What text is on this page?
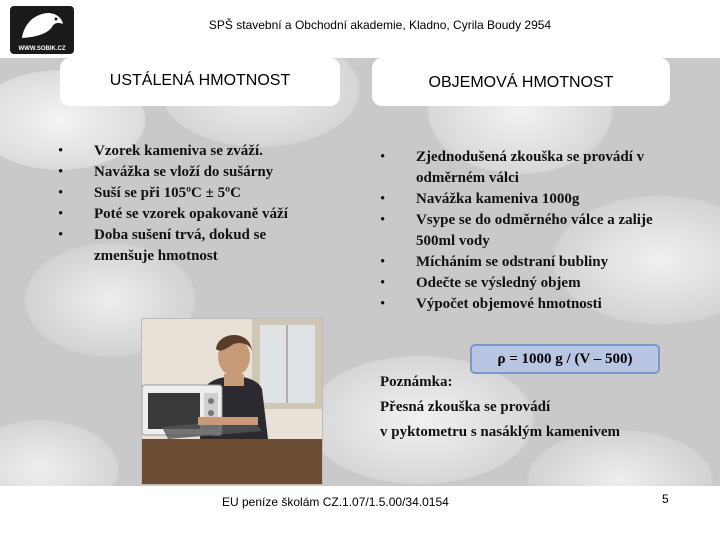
WWW.SOBIK.CZ
SPŠ stavební a Obchodní akademie, Kladno, Cyrila Boudy 2954
USTÁLENÁ HMOTNOST	OBJEMOVÁ HMOTNOST
• Vzorek kameniva se zváží.
• Navážka se vloží do sušárny
• Suší se při 105ºC ± 5ºC
• Poté se vzorek opakovaně váží
• Doba sušení trvá, dokud se zmenšuje hmotnost
• Zjednodušená zkouška se provádí v odměrném válci
• Navážka kameniva 1000g
• Vsype se do odměrného válce a zalije 500ml vody
• Mícháním se odstraní bubliny
• Odečte se výsledný objem
• Výpočet objemové hmotnosti
ρ = 1000 g / (V – 500)
Poznámka:
Přesná zkouška se provádí
v pyktometru s nasáklým kamenivem
EU peníze školám CZ.1.07/1.5.00/34.0154	5
